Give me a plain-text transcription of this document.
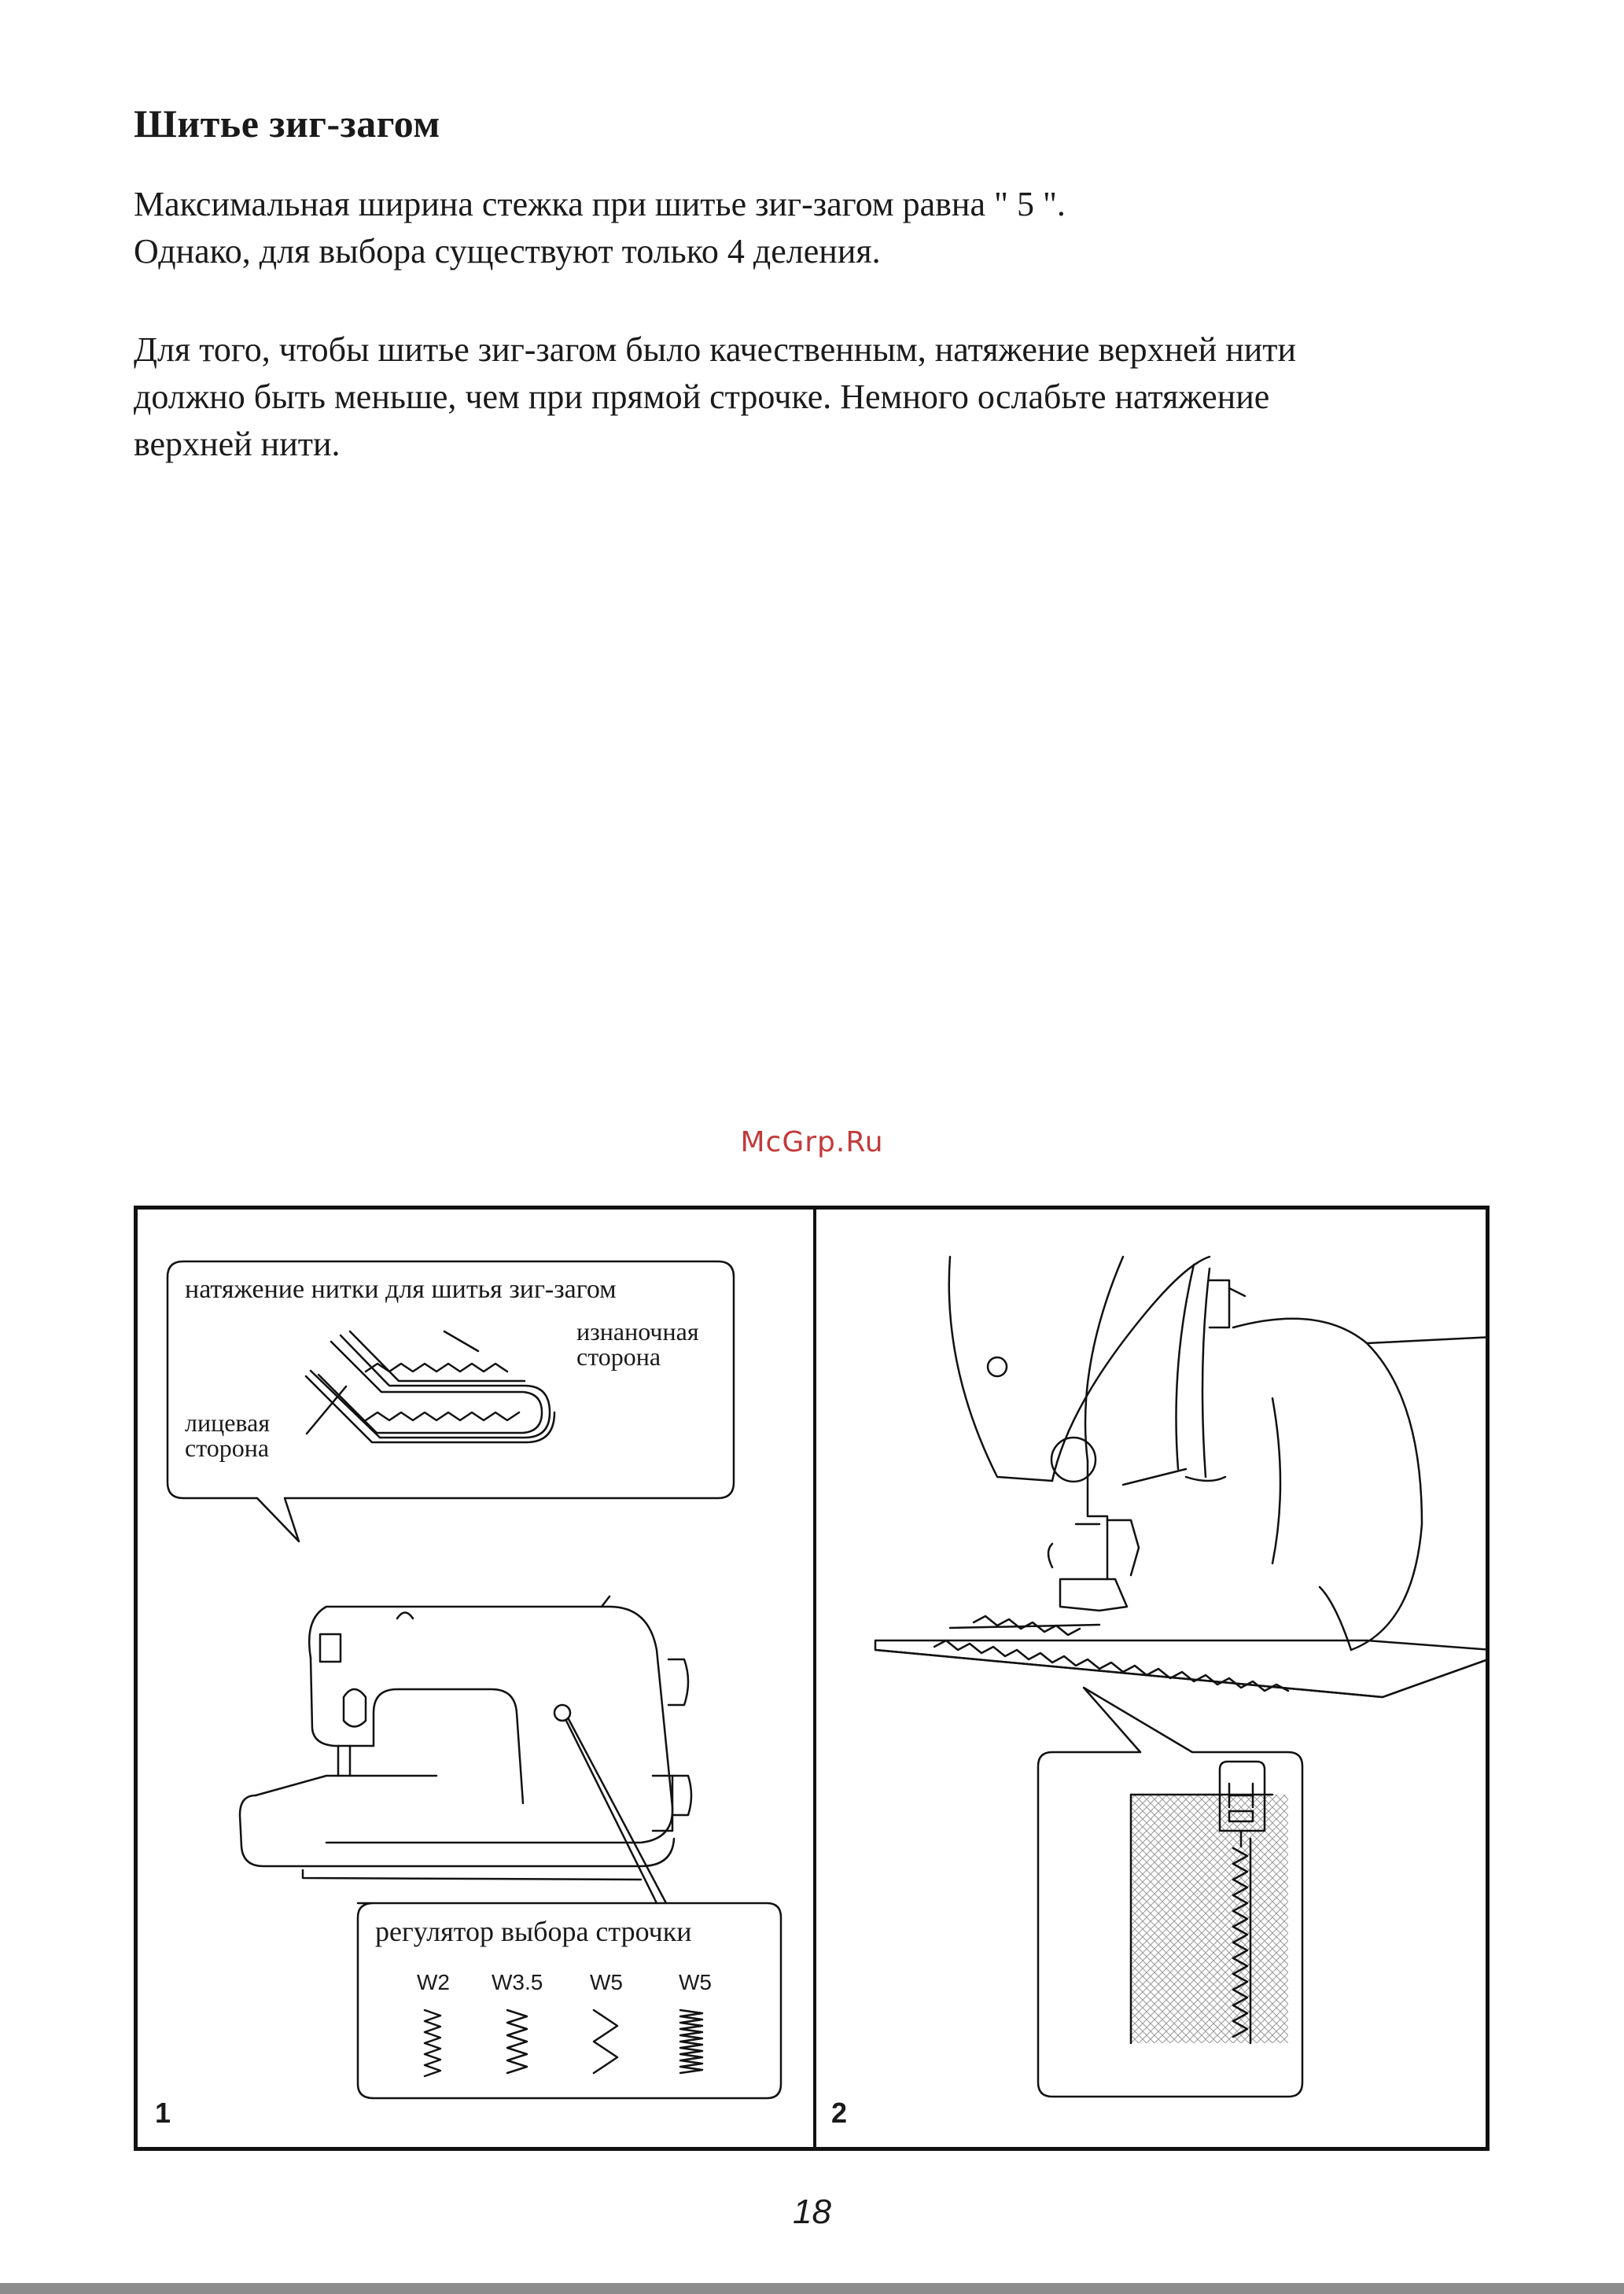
Шитье зиг-загом

Максимальная ширина стежка при шитье зиг-загом равна " 5 ".
Однако, для выбора существуют только 4 деления.

Для того, чтобы шитье зиг-загом было качественным, натяжение верхней нити
должно быть меньше, чем при прямой строчке. Немного ослабьте натяжение
верхней нити.

McGrp.Ru
натяжение нитки для шитья зиг-загом
изнаночная
сторона
лицевая
сторона
регулятор выбора строчки
W2 W3.5 W5	W5
1	2
18
